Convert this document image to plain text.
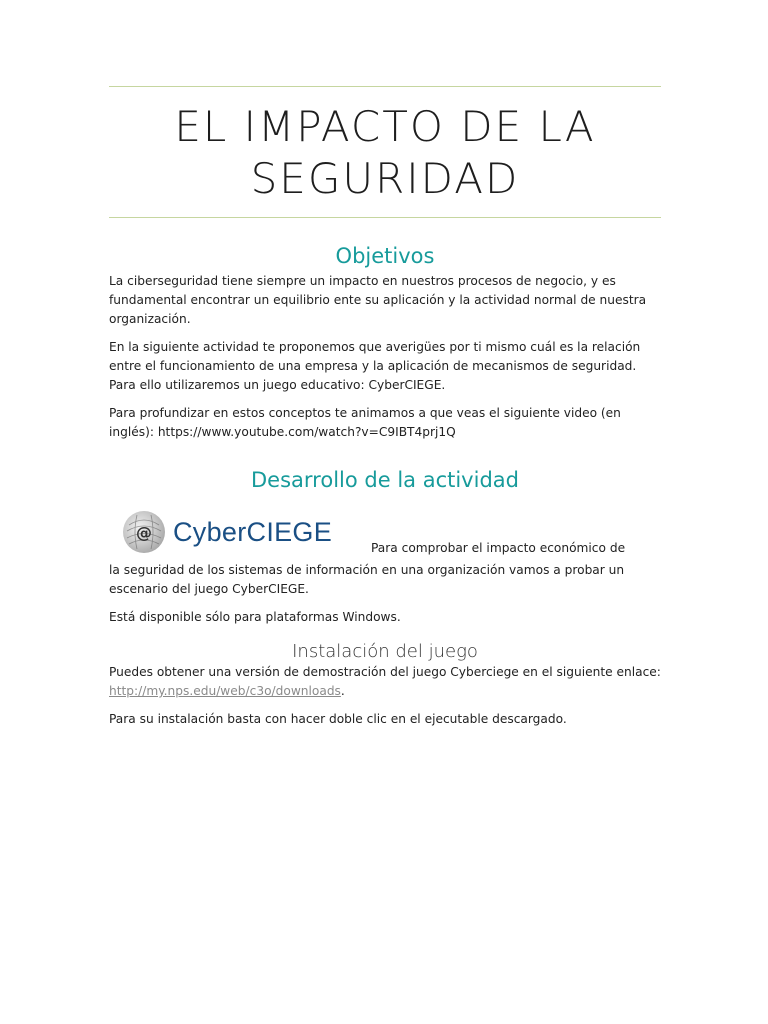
EL IMPACTO DE LA
SEGURIDAD
Objetivos

La ciberseguridad tiene siempre un impacto en nuestros procesos de negocio, y es fundamental encontrar un equilibrio ente su aplicación y la actividad normal de nuestra organización.

En la siguiente actividad te proponemos que averigües por ti mismo cuál es la relación entre el funcionamiento de una empresa y la aplicación de mecanismos de seguridad. Para ello utilizaremos un juego educativo: CyberCIEGE.

Para profundizar en estos conceptos te animamos a que veas el siguiente video (en inglés): https://www.youtube.com/watch?v=C9IBT4prj1Q

Desarrollo de la actividad
@ CyberCIEGE
Para comprobar el impacto económico de

la seguridad de los sistemas de información en una organización vamos a probar un escenario del juego CyberCIEGE.

Está disponible sólo para plataformas Windows.

Instalación del juego

Puedes obtener una versión de demostración del juego Cyberciege en el siguiente enlace: http://my.nps.edu/web/c3o/downloads.

Para su instalación basta con hacer doble clic en el ejecutable descargado.
